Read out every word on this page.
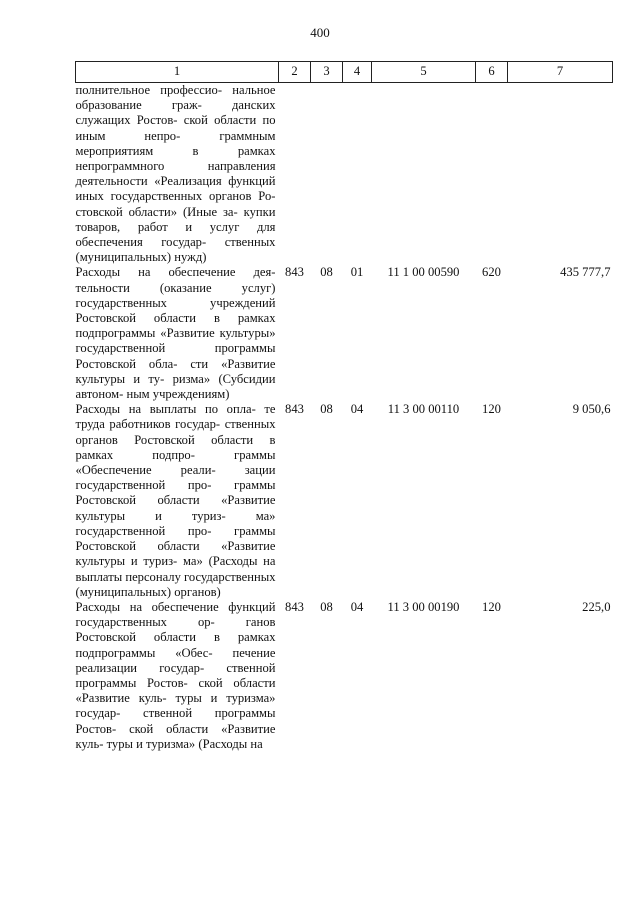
400
1	2	3	4	5	6	7
полнительное профессио- нальное образование граж- данских служащих Ростов- ской области по иным непро- граммным мероприятиям в рамках непрограммного направления деятельности «Реализация функций иных государственных органов Ро- стовской области» (Иные за- купки товаров, работ и услуг для обеспечения государ- ственных (муниципальных) нужд)						
Расходы на обеспечение дея- тельности (оказание услуг) государственных учреждений Ростовской области в рамках подпрограммы «Развитие культуры» государственной программы Ростовской обла- сти «Развитие культуры и ту- ризма» (Субсидии автоном- ным учреждениям)	843	08	01	11 1 00 00590	620	435 777,7
Расходы на выплаты по опла- те труда работников государ- ственных органов Ростовской области в рамках подпро- граммы «Обеспечение реали- зации государственной про- граммы Ростовской области «Развитие культуры и туриз- ма» государственной про- граммы Ростовской области «Развитие культуры и туриз- ма» (Расходы на выплаты персоналу государственных (муниципальных) органов)	843	08	04	11 3 00 00110	120	9 050,6
Расходы на обеспечение функций государственных ор- ганов Ростовской области в рамках подпрограммы «Обес- печение реализации государ- ственной программы Ростов- ской области «Развитие куль- туры и туризма» государ- ственной программы Ростов- ской области «Развитие куль- туры и туризма» (Расходы на	843	08	04	11 3 00 00190	120	225,0
